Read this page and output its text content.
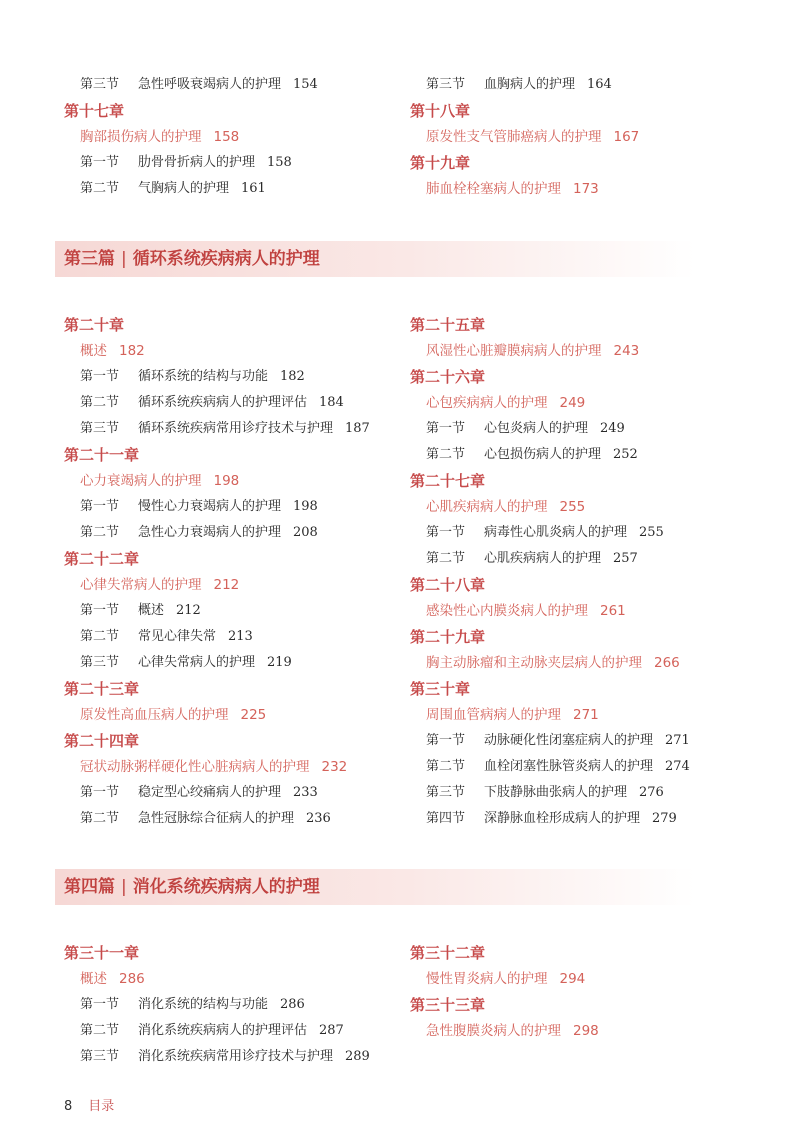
第三节 急性呼吸衰竭病人的护理 154
第十七章
胸部损伤病人的护理 158
第一节 肋骨骨折病人的护理 158
第二节 气胸病人的护理 161
第三节 血胸病人的护理 164
第十八章
原发性支气管肺癌病人的护理 167
第十九章
肺血栓栓塞病人的护理 173
第三篇 | 循环系统疾病病人的护理
第二十章
概述 182
第一节 循环系统的结构与功能 182
第二节 循环系统疾病病人的护理评估 184
第三节 循环系统疾病常用诊疗技术与护理 187
第二十一章
心力衰竭病人的护理 198
第一节 慢性心力衰竭病人的护理 198
第二节 急性心力衰竭病人的护理 208
第二十二章
心律失常病人的护理 212
第一节 概述 212
第二节 常见心律失常 213
第三节 心律失常病人的护理 219
第二十三章
原发性高血压病人的护理 225
第二十四章
冠状动脉粥样硬化性心脏病病人的护理 232
第一节 稳定型心绞痛病人的护理 233
第二节 急性冠脉综合征病人的护理 236
第二十五章
风湿性心脏瓣膜病病人的护理 243
第二十六章
心包疾病病人的护理 249
第一节 心包炎病人的护理 249
第二节 心包损伤病人的护理 252
第二十七章
心肌疾病病人的护理 255
第一节 病毒性心肌炎病人的护理 255
第二节 心肌疾病病人的护理 257
第二十八章
感染性心内膜炎病人的护理 261
第二十九章
胸主动脉瘤和主动脉夹层病人的护理 266
第三十章
周围血管病病人的护理 271
第一节 动脉硬化性闭塞症病人的护理 271
第二节 血栓闭塞性脉管炎病人的护理 274
第三节 下肢静脉曲张病人的护理 276
第四节 深静脉血栓形成病人的护理 279
第四篇 | 消化系统疾病病人的护理
第三十一章
概述 286
第一节 消化系统的结构与功能 286
第二节 消化系统疾病病人的护理评估 287
第三节 消化系统疾病常用诊疗技术与护理 289
第三十二章
慢性胃炎病人的护理 294
第三十三章
急性腹膜炎病人的护理 298
8 目录
